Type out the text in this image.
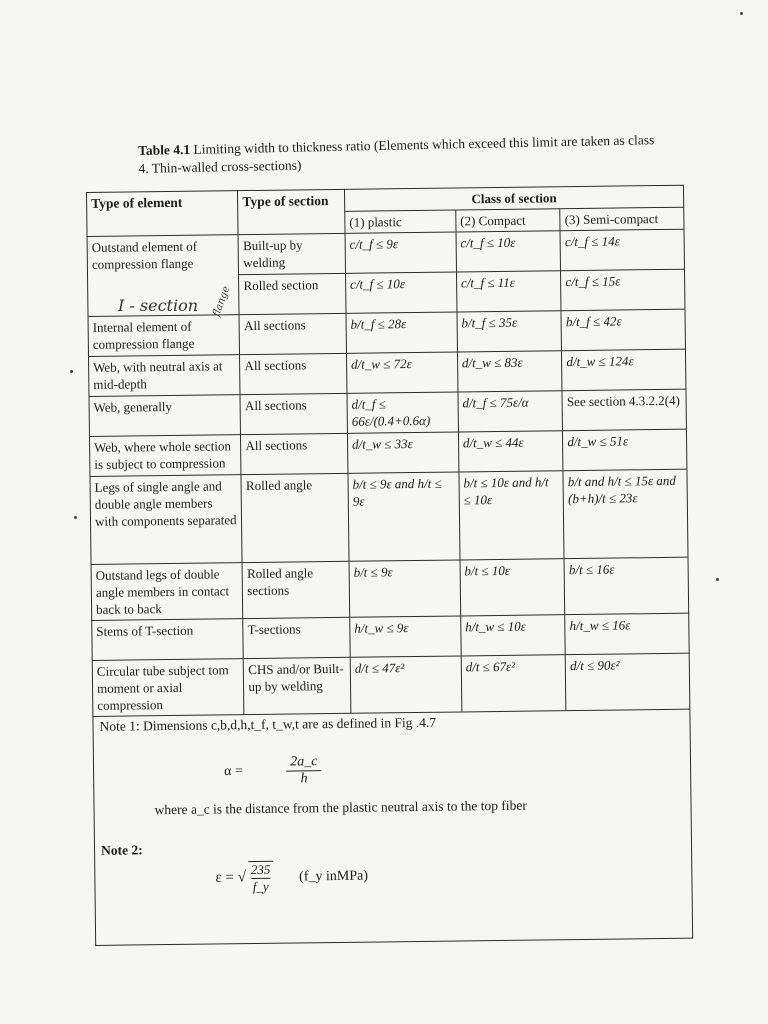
Table 4.1 Limiting width to thickness ratio (Elements which exceed this limit are taken as class 4. Thin-walled cross-sections)
Type of element	Type of section	Class of section		
		(1) plastic	(2) Compact	(3) Semi-compact
Outstand element of compression flange	Built-up by welding	c/t_f ≤ 9ε	c/t_f ≤ 10ε	c/t_f ≤ 14ε
	Rolled section	c/t_f ≤ 10ε	c/t_f ≤ 11ε	c/t_f ≤ 15ε
Internal element of compression flange	All sections	b/t_f ≤ 28ε	b/t_f ≤ 35ε	b/t_f ≤ 42ε
Web, with neutral axis at mid-depth	All sections	d/t_w ≤ 72ε	d/t_w ≤ 83ε	d/t_w ≤ 124ε
Web, generally	All sections	d/t_f ≤ 66ε/(0.4+0.6α)	d/t_f ≤ 75ε/α	See section 4.3.2.2(4)
Web, where whole section is subject to compression	All sections	d/t_w ≤ 33ε	d/t_w ≤ 44ε	d/t_w ≤ 51ε
Legs of single angle and double angle members with components separated	Rolled angle	b/t ≤ 9ε and h/t ≤ 9ε	b/t ≤ 10ε and h/t ≤ 10ε	b/t and h/t ≤ 15ε and (b+h)/t ≤ 23ε
Outstand legs of double angle members in contact back to back	Rolled angle sections	b/t ≤ 9ε	b/t ≤ 10ε	b/t ≤ 16ε
Stems of T-section	T-sections	h/t_w ≤ 9ε	h/t_w ≤ 10ε	h/t_w ≤ 16ε
Circular tube subject tom moment or axial compression	CHS and/or Built-up by welding	d/t ≤ 47ε²	d/t ≤ 67ε²	d/t ≤ 90ε²
Note 1: Dimensions c,b,d,h,t_f, t_w,t are as defined in Fig .4.7
α =	$\frac{2a\_c}{h}$
where a_c is the distance from the plastic neutral axis to the top fiber
Note 2:
ε = √ $\frac{235}{f\_y}$ (f_y inMPa)
I - section flange
